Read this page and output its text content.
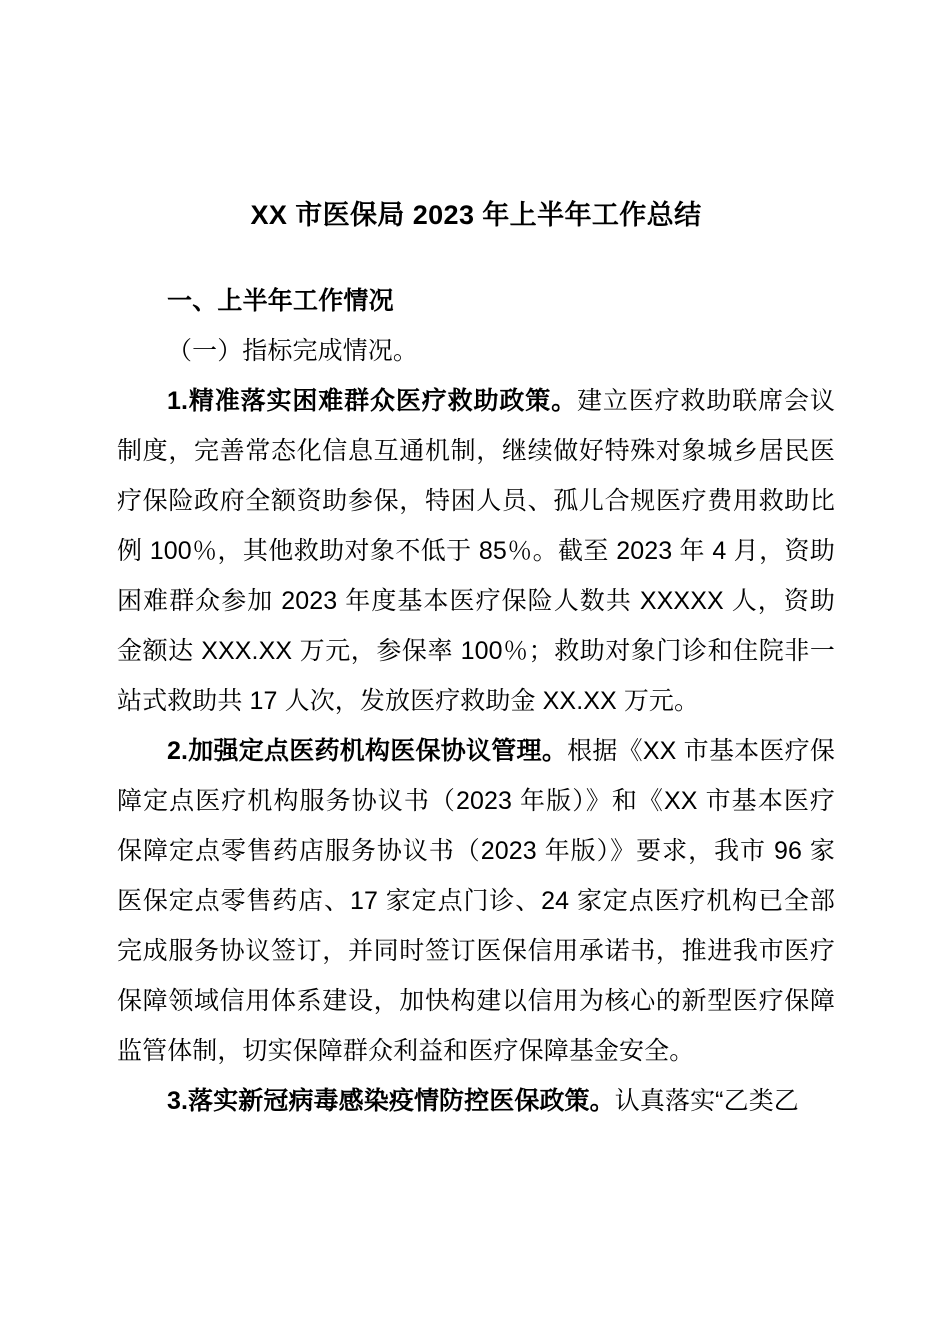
XX 市医保局 2023 年上半年工作总结
一、上半年工作情况

（一）指标完成情况。

1.精准落实困难群众医疗救助政策。建立医疗救助联席会议制度，完善常态化信息互通机制，继续做好特殊对象城乡居民医疗保险政府全额资助参保，特困人员、孤儿合规医疗费用救助比例 100％，其他救助对象不低于 85％。截至 2023 年 4 月，资助困难群众参加 2023 年度基本医疗保险人数共 XXXXX 人，资助金额达 XXX.XX 万元，参保率 100％；救助对象门诊和住院非一站式救助共 17 人次，发放医疗救助金 XX.XX 万元。

2.加强定点医药机构医保协议管理。根据《XX 市基本医疗保障定点医疗机构服务协议书（2023 年版）》和《XX 市基本医疗保障定点零售药店服务协议书（2023 年版）》要求，我市 96 家医保定点零售药店、17 家定点门诊、24 家定点医疗机构已全部完成服务协议签订，并同时签订医保信用承诺书，推进我市医疗保障领域信用体系建设，加快构建以信用为核心的新型医疗保障监管体制，切实保障群众利益和医疗保障基金安全。

3.落实新冠病毒感染疫情防控医保政策。认真落实“乙类乙
